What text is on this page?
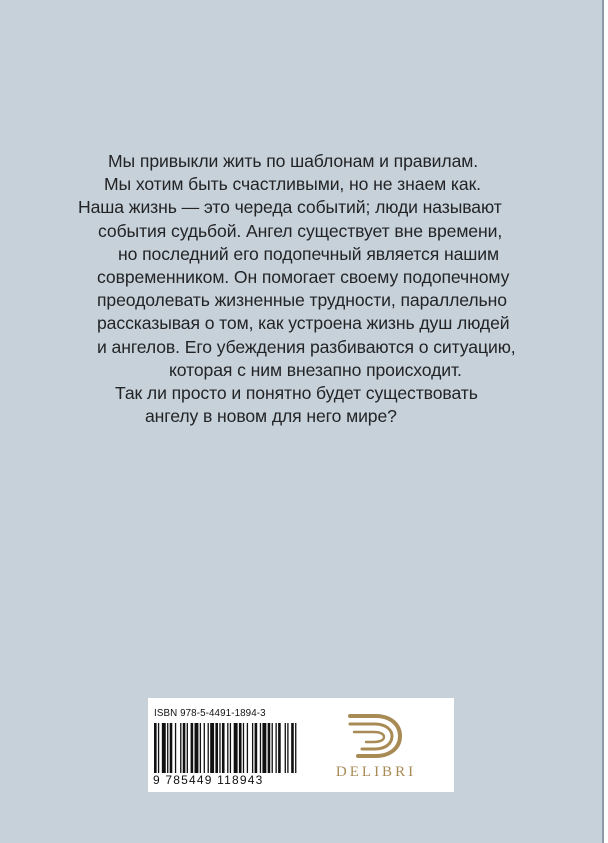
Мы привыкли жить по шаблонам и правилам.
Мы хотим быть счастливыми, но не знаем как.
Наша жизнь — это череда событий; люди называют
события судьбой. Ангел существует вне времени,
но последний его подопечный является нашим
современником. Он помогает своему подопечному
преодолевать жизненные трудности, параллельно
рассказывая о том, как устроена жизнь душ людей
и ангелов. Его убеждения разбиваются о ситуацию,
которая с ним внезапно происходит.
Так ли просто и понятно будет существовать
ангелу в новом для него мире?
ISBN 978-5-4491-1894-3
9 785449 118943	DELIBRI
